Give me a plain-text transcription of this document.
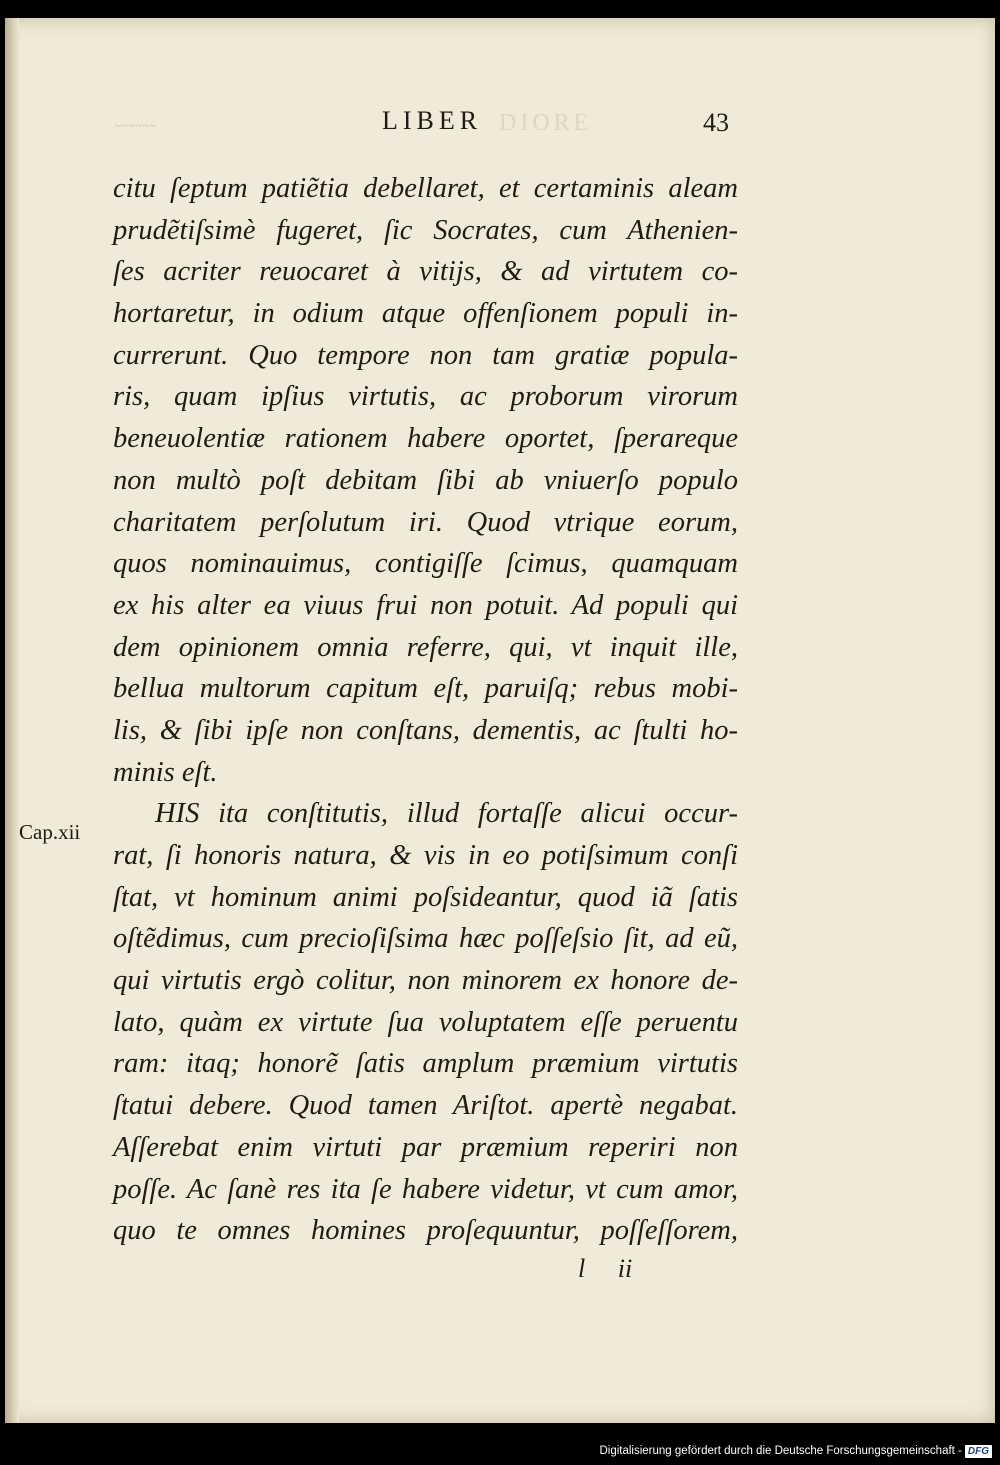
~~~~~~	LIBER DIORE	43
Cap.xii
citu ſeptum patiẽtia debellaret, et certaminis aleam
prudẽtiſsimè fugeret, ſic Socrates, cum Athenien-
ſes acriter reuocaret à vitijs, & ad virtutem co-
hortaretur, in odium atque offenſionem populi in-
currerunt. Quo tempore non tam gratiæ popula-
ris, quam ipſius virtutis, ac proborum virorum
beneuolentiæ rationem habere oportet, ſperareque
non multò poſt debitam ſibi ab vniuerſo populo
charitatem perſolutum iri. Quod vtrique eorum,
quos nominauimus, contigiſſe ſcimus, quamquam
ex his alter ea viuus frui non potuit. Ad populi qui
dem opinionem omnia referre, qui, vt inquit ille,
bellua multorum capitum eſt, paruiſq; rebus mobi-
lis, & ſibi ipſe non conſtans, dementis, ac ſtulti ho-
minis eſt.
HIS ita conſtitutis, illud fortaſſe alicui occur-
rat, ſi honoris natura, & vis in eo potiſsimum conſi
ſtat, vt hominum animi poſsideantur, quod iã ſatis
oſtẽdimus, cum precioſiſsima hæc poſſeſsio ſit, ad eũ,
qui virtutis ergò colitur, non minorem ex honore de-
lato, quàm ex virtute ſua voluptatem eſſe peruentu
ram: itaq; honorẽ ſatis amplum præmium virtutis
ſtatui debere. Quod tamen Ariſtot. apertè negabat.
Aſſerebat enim virtuti par præmium reperiri non
poſſe. Ac ſanè res ita ſe habere videtur, vt cum amor,
quo te omnes homines proſequuntur, poſſeſſorem,
l ii
Digitalisierung gefördert durch die Deutsche Forschungsgemeinschaft - DFG
